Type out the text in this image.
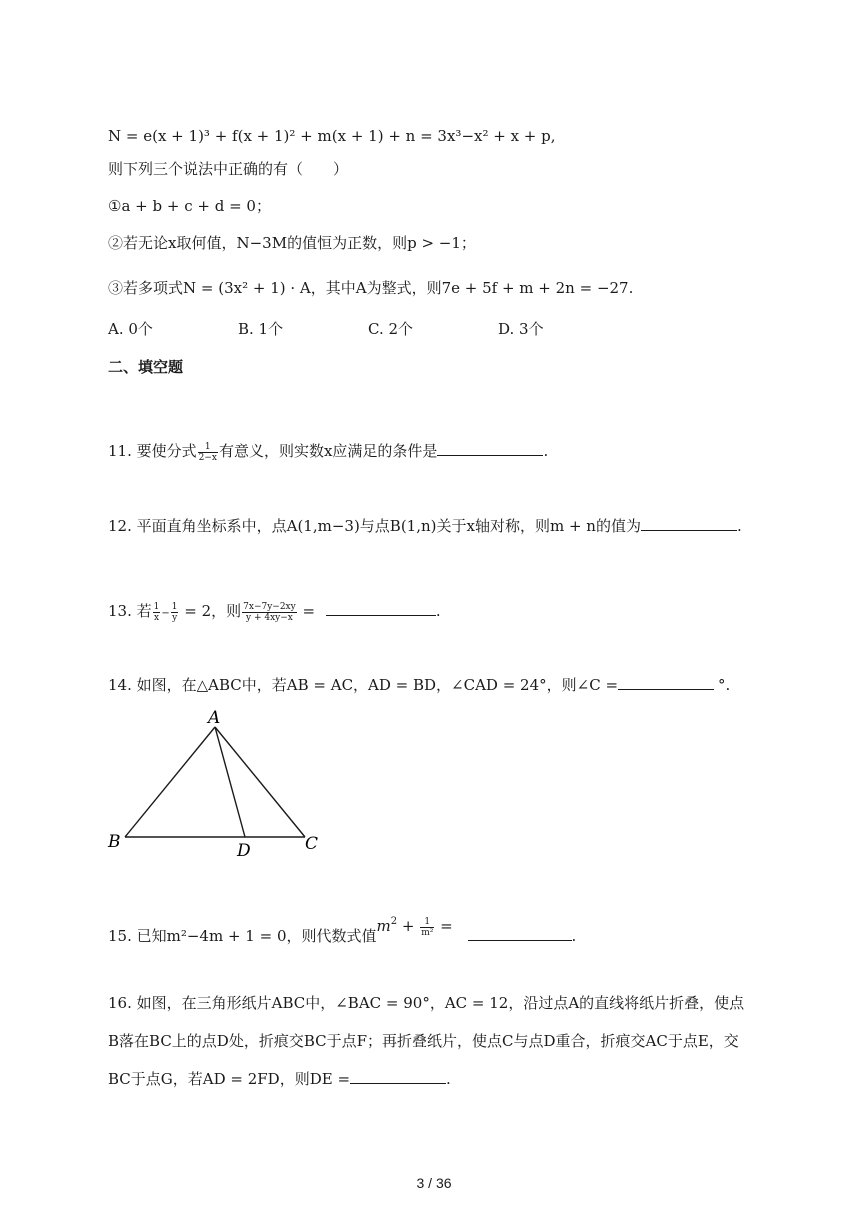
N = e(x + 1)³ + f(x + 1)² + m(x + 1) + n = 3x³−x² + x + p,
则下列三个说法中正确的有（　　）
①a + b + c + d = 0；
②若无论x取何值，N−3M的值恒为正数，则p > −1；
③若多项式N = (3x² + 1) · A，其中A为整式，则7e + 5f + m + 2n = −27.
A. 0个	B. 1个	C. 2个	D. 3个
二、填空题
11. 要使分式 $\frac{1}{2-x}$ 有意义，则实数x应满足的条件是	.
12. 平面直角坐标系中，点A(1,m−3)与点B(1,n)关于x轴对称，则m + n的值为	.
13. 若 $\frac{1}{x} - \frac{1}{y} = 2$，则 $\frac{7x-7y-2xy}{y + 4xy-x}$ =	.
14. 如图，在△ABC中，若AB = AC，AD = BD，∠CAD = 24°，则∠C =	°.
A
B	C
D
15. 已知m²−4m + 1 = 0，则代数式值$m^2 + \frac{1}{\text{m²}}$ = .
16. 如图，在三角形纸片ABC中，∠BAC = 90°，AC = 12，沿过点A的直线将纸片折叠，使点
B落在BC上的点D处，折痕交BC于点F；再折叠纸片，使点C与点D重合，折痕交AC于点E，交
BC于点G，若AD = 2FD，则DE =	.
3 / 36
